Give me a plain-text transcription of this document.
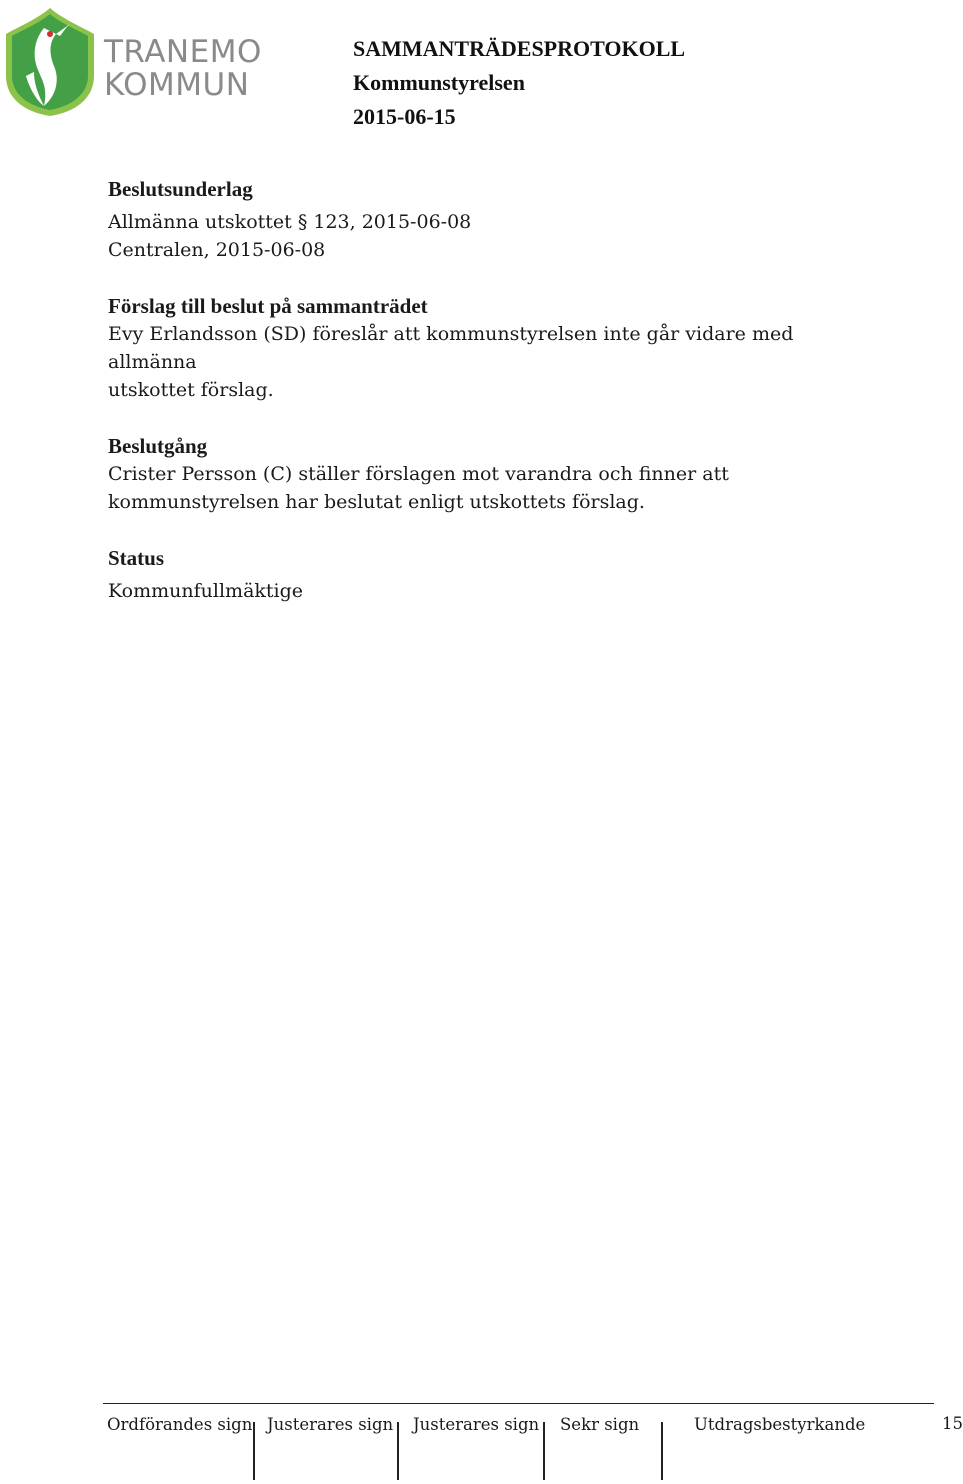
TRANEMO
KOMMUN
SAMMANTRÄDESPROTOKOLL
Kommunstyrelsen
2015-06-15
Beslutsunderlag
Allmänna utskottet § 123, 2015-06-08
Centralen, 2015-06-08
Förslag till beslut på sammanträdet
Evy Erlandsson (SD) föreslår att kommunstyrelsen inte går vidare med allmänna
utskottet förslag.
Beslutgång
Crister Persson (C) ställer förslagen mot varandra och finner att
kommunstyrelsen har beslutat enligt utskottets förslag.
Status
Kommunfullmäktige
Ordförandes sign Justerares sign Justerares sign Sekr sign	Utdragsbestyrkande	15
